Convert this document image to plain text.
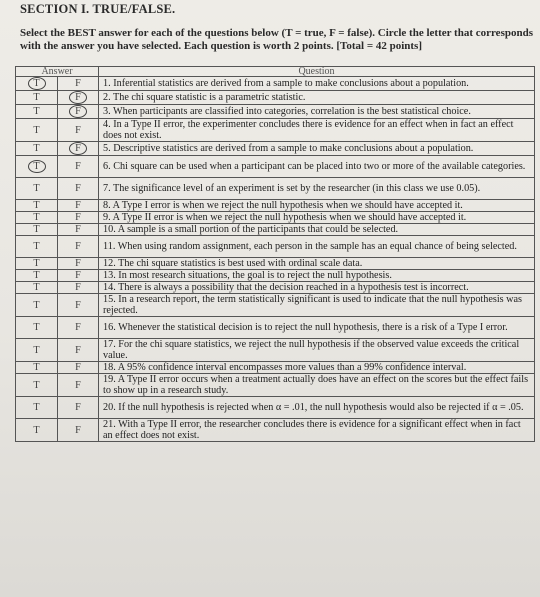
SECTION I. TRUE/FALSE.
Select the BEST answer for each of the questions below (T = true, F = false). Circle the letter that corresponds with the answer you have selected. Each question is worth 2 points. [Total = 42 points]
Answer		Question
T	F	1. Inferential statistics are derived from a sample to make conclusions about a population.
T	F	2. The chi square statistic is a parametric statistic.
T	F	3. When participants are classified into categories, correlation is the best statistical choice.
T	F	4. In a Type II error, the experimenter concludes there is evidence for an effect when in fact an effect does not exist.
T	F	5. Descriptive statistics are derived from a sample to make conclusions about a population.
T	F	6. Chi square can be used when a participant can be placed into two or more of the available categories.
T	F	7. The significance level of an experiment is set by the researcher (in this class we use 0.05).
T	F	8. A Type I error is when we reject the null hypothesis when we should have accepted it.
T	F	9. A Type II error is when we reject the null hypothesis when we should have accepted it.
T	F	10. A sample is a small portion of the participants that could be selected.
T	F	11. When using random assignment, each person in the sample has an equal chance of being selected.
T	F	12. The chi square statistics is best used with ordinal scale data.
T	F	13. In most research situations, the goal is to reject the null hypothesis.
T	F	14. There is always a possibility that the decision reached in a hypothesis test is incorrect.
T	F	15. In a research report, the term statistically significant is used to indicate that the null hypothesis was rejected.
T	F	16. Whenever the statistical decision is to reject the null hypothesis, there is a risk of a Type I error.
T	F	17. For the chi square statistics, we reject the null hypothesis if the observed value exceeds the critical value.
T	F	18. A 95% confidence interval encompasses more values than a 99% confidence interval.
T	F	19. A Type II error occurs when a treatment actually does have an effect on the scores but the effect fails to show up in a research study.
T	F	20. If the null hypothesis is rejected when α = .01, the null hypothesis would also be rejected if α = .05.
T	F	21. With a Type II error, the researcher concludes there is evidence for a significant effect when in fact an effect does not exist.
